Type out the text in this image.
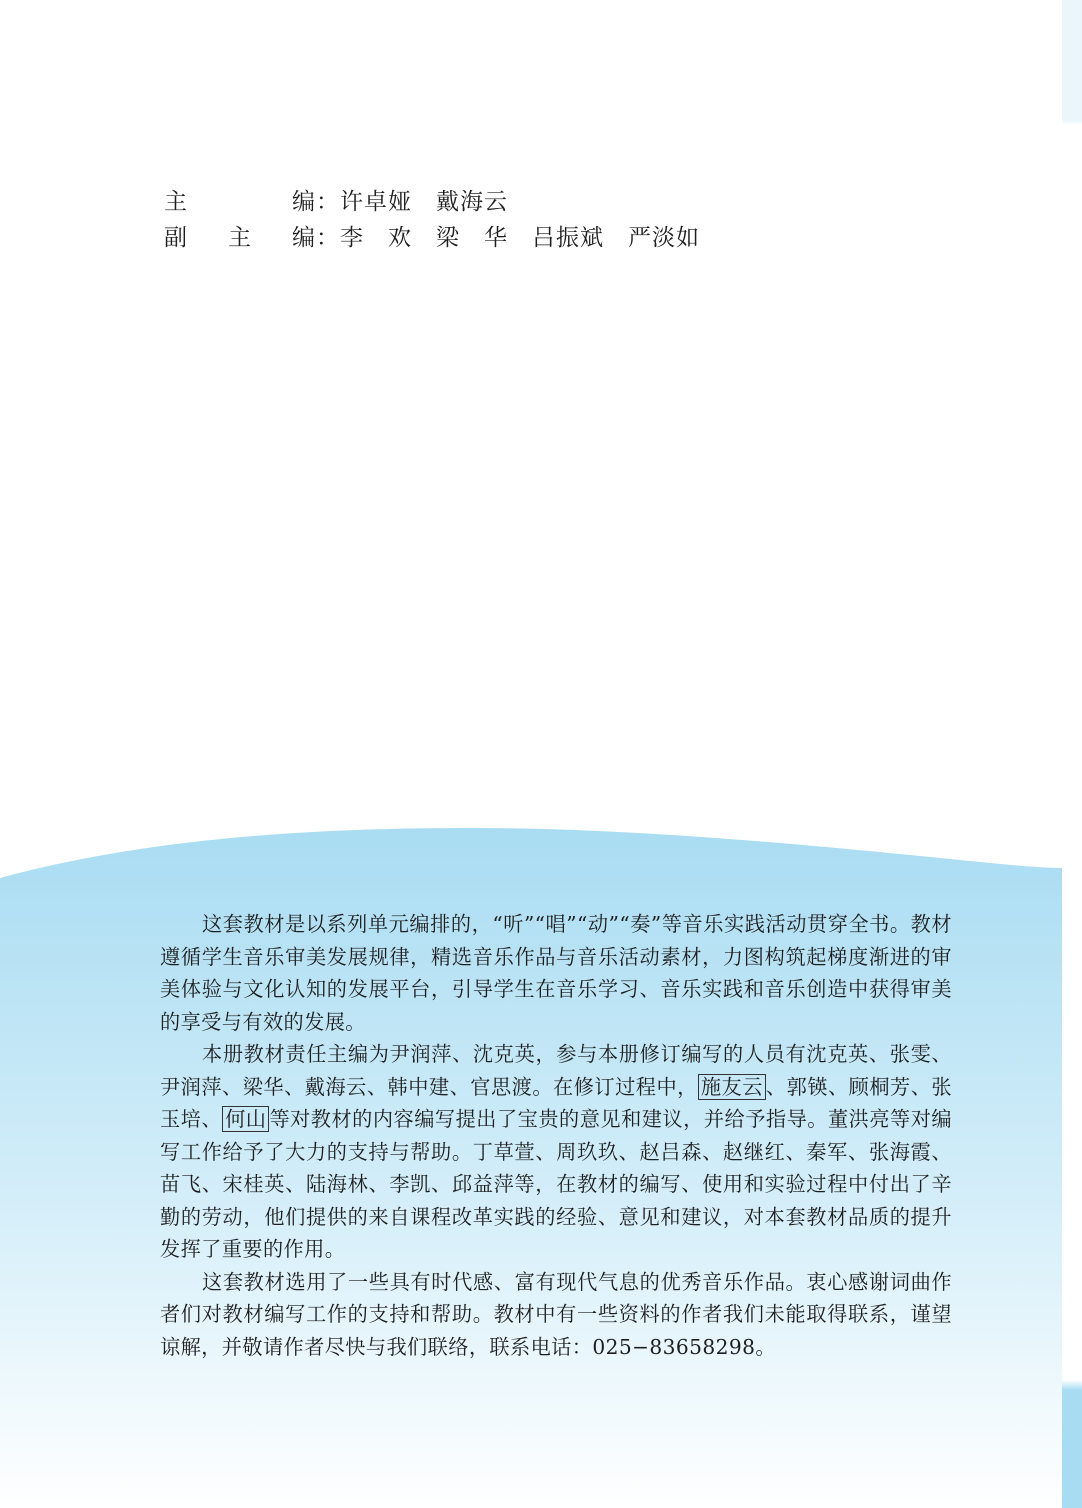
主	编 ： 许卓娅　戴海云
副 主 编 ： 李　欢　梁　华　吕振斌　严淡如

这套教材是以系列单元编排的，“听”“唱”“动”“奏”等音乐实践活动贯穿全书。教材遵循学生音乐审美发展规律，精选音乐作品与音乐活动素材，力图构筑起梯度渐进的审美体验与文化认知的发展平台，引导学生在音乐学习、音乐实践和音乐创造中获得审美的享受与有效的发展。

本册教材责任主编为尹润萍、沈克英，参与本册修订编写的人员有沈克英、张雯、尹润萍、梁华、戴海云、韩中建、官思渡。在修订过程中， 施友云 、郭锳、顾桐芳、张玉培、 何山 等对教材的内容编写提出了宝贵的意见和建议，并给予指导。董洪亮等对编写工作给予了大力的支持与帮助。丁草萱、周玖玖、赵吕森、赵继红、秦军、张海霞、苗飞、宋桂英、陆海林、李凯、邱益萍等，在教材的编写、使用和实验过程中付出了辛勤的劳动，他们提供的来自课程改革实践的经验、意见和建议，对本套教材品质的提升发挥了重要的作用。

这套教材选用了一些具有时代感、富有现代气息的优秀音乐作品。衷心感谢词曲作者们对教材编写工作的支持和帮助。教材中有一些资料的作者我们未能取得联系，谨望谅解，并敬请作者尽快与我们联络，联系电话：025−83658298。
